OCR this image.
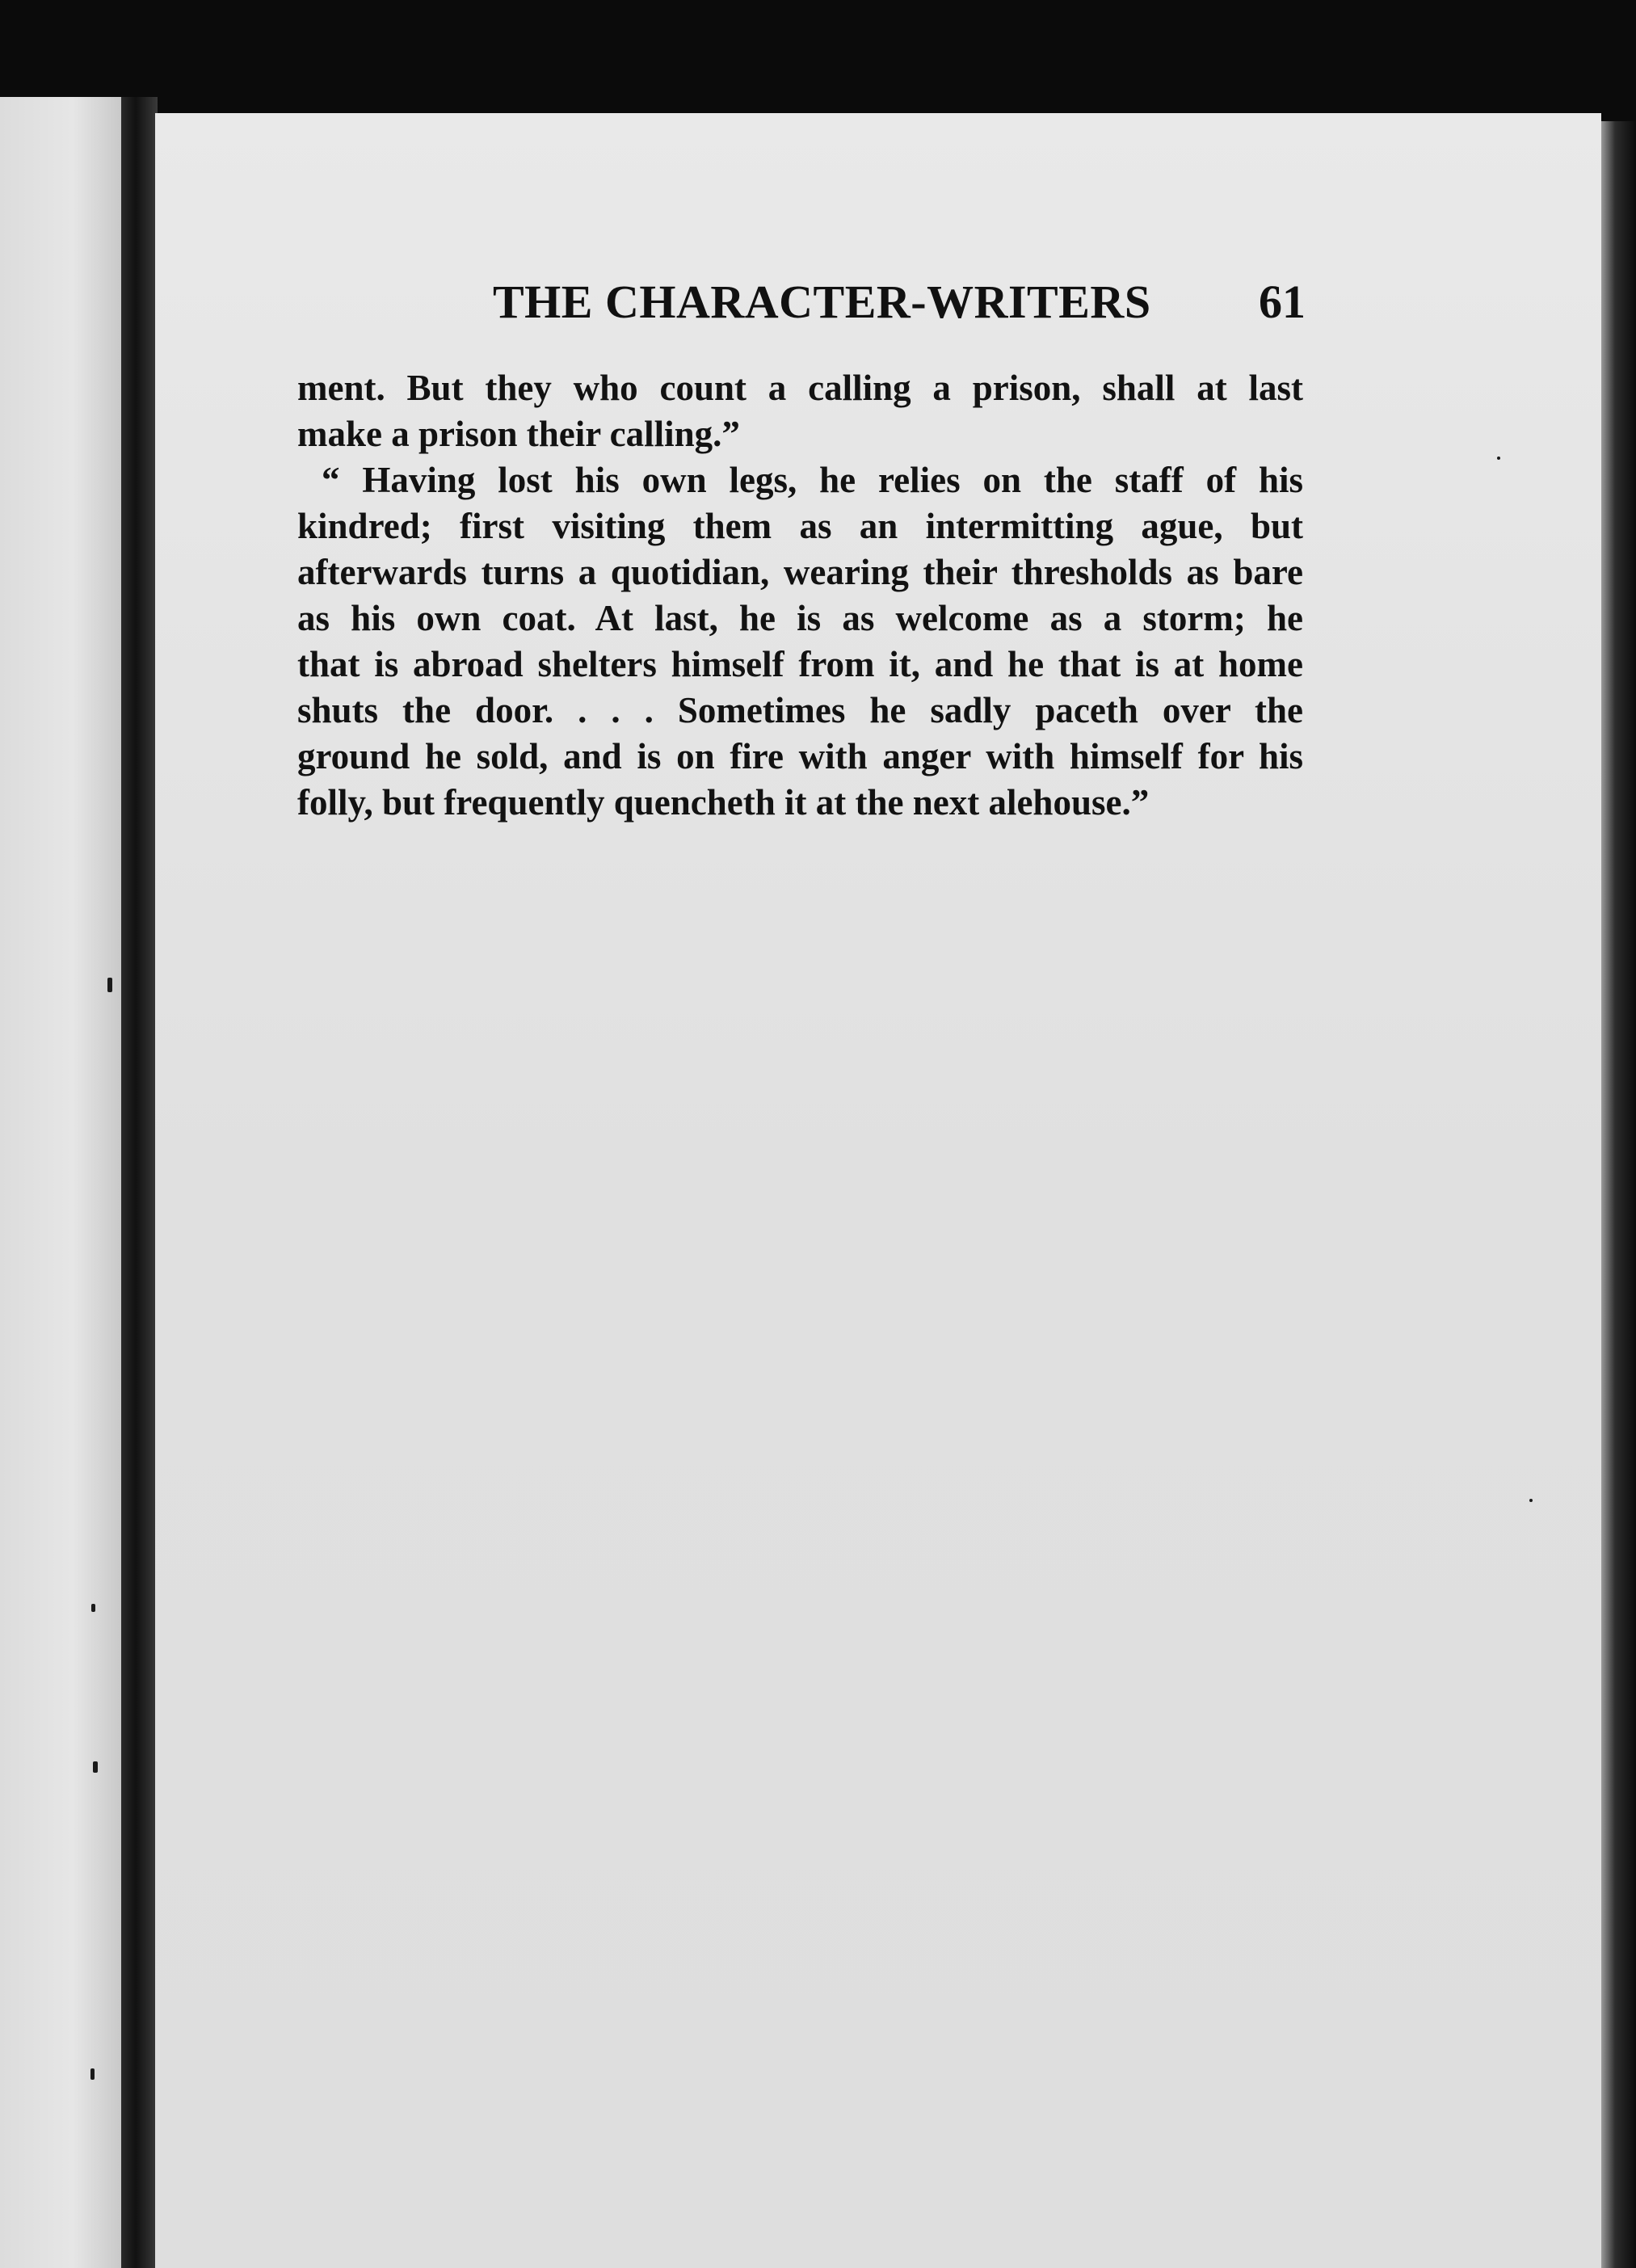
THE CHARACTER-WRITERS	61
ment. But they who count a calling a prison, shall at last
make a prison their calling.”
“ Having lost his own legs, he relies on the staff of his
kindred; first visiting them as an intermitting ague, but
afterwards turns a quotidian, wearing their thresholds as bare
as his own coat. At last, he is as welcome as a storm; he
that is abroad shelters himself from it, and he that is at home
shuts the door. . . . Sometimes he sadly paceth over the
ground he sold, and is on fire with anger with himself for his
folly, but frequently quencheth it at the next alehouse.”
